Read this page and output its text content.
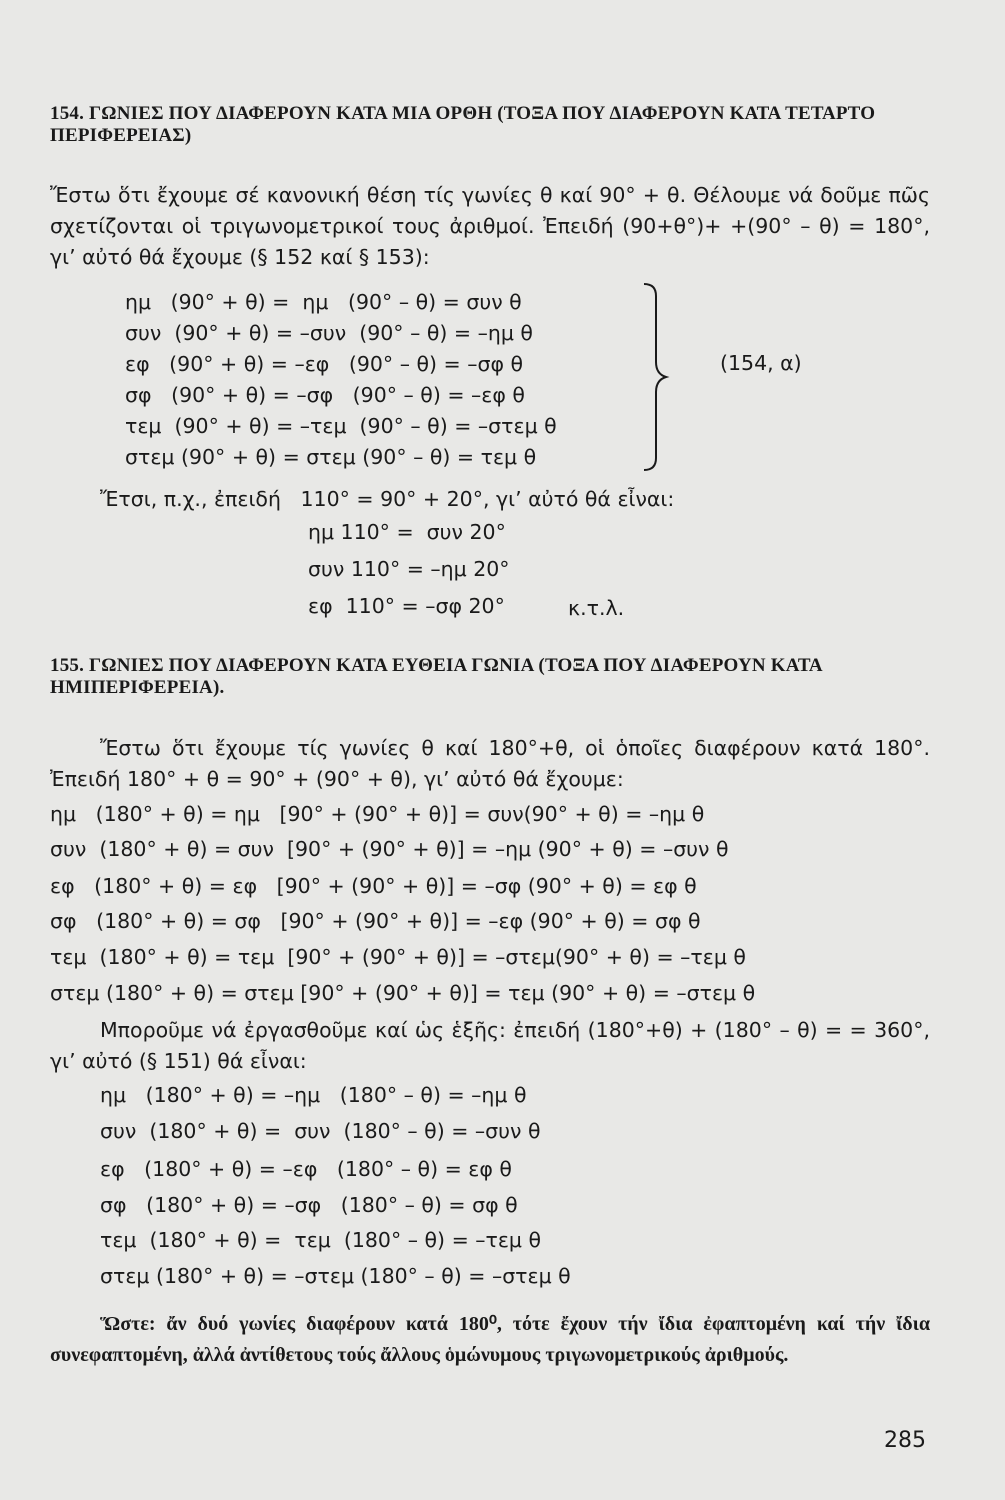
154. ΓΩΝΙΕΣ ΠΟΥ ΔΙΑΦΕΡΟΥΝ ΚΑΤΑ ΜΙΑ ΟΡΘΗ (ΤΟΞΑ ΠΟΥ ΔΙΑΦΕΡΟΥΝ ΚΑΤΑ ΤΕΤΑΡΤΟ ΠΕΡΙΦΕΡΕΙΑΣ)
Ἔστω ὅτι ἔχουμε σέ κανονική θέση τίς γωνίες θ καί 90° + θ. Θέλουμε νά δοῦμε πῶς σχετίζονται οἱ τριγωνομετρικοί τους ἀριθμοί. Ἐπειδή (90+θ°)+ +(90° – θ) = 180°, γι’ αὐτό θά ἔχουμε (§ 152 καί § 153):
ημ   (90° + θ) =  ημ   (90° – θ) = συν θ
συν  (90° + θ) = –συν  (90° – θ) = –ημ θ
εφ   (90° + θ) = –εφ   (90° – θ) = –σφ θ
σφ   (90° + θ) = –σφ   (90° – θ) = –εφ θ
τεμ  (90° + θ) = –τεμ  (90° – θ) = –στεμ θ
στεμ (90° + θ) = στεμ (90° – θ) = τεμ θ
(154, α)
Ἔτσι, π.χ., ἐπειδή   110° = 90° + 20°, γι’ αὐτό θά εἶναι:
ημ 110° =  συν 20°
συν 110° = –ημ 20°
εφ  110° = –σφ 20°	κ.τ.λ.
155. ΓΩΝΙΕΣ ΠΟΥ ΔΙΑΦΕΡΟΥΝ ΚΑΤΑ ΕΥΘΕΙΑ ΓΩΝΙΑ (ΤΟΞΑ ΠΟΥ ΔΙΑΦΕΡΟΥΝ ΚΑΤΑ ΗΜΙΠΕΡΙΦΕΡΕΙΑ).
Ἔστω ὅτι ἔχουμε τίς γωνίες θ καί 180°+θ, οἱ ὁποῖες διαφέρουν κατά 180°. Ἐπειδή 180° + θ = 90° + (90° + θ), γι’ αὐτό θά ἔχουμε:
ημ   (180° + θ) = ημ   [90° + (90° + θ)] = συν(90° + θ) = –ημ θ
συν  (180° + θ) = συν  [90° + (90° + θ)] = –ημ (90° + θ) = –συν θ
εφ   (180° + θ) = εφ   [90° + (90° + θ)] = –σφ (90° + θ) = εφ θ
σφ   (180° + θ) = σφ   [90° + (90° + θ)] = –εφ (90° + θ) = σφ θ
τεμ  (180° + θ) = τεμ  [90° + (90° + θ)] = –στεμ(90° + θ) = –τεμ θ
στεμ (180° + θ) = στεμ [90° + (90° + θ)] = τεμ (90° + θ) = –στεμ θ
Μποροῦμε νά ἐργασθοῦμε καί ὡς ἑξῆς: ἐπειδή (180°+θ) + (180° – θ) = = 360°, γι’ αὐτό (§ 151) θά εἶναι:
ημ   (180° + θ) = –ημ   (180° – θ) = –ημ θ
συν  (180° + θ) =  συν  (180° – θ) = –συν θ
εφ   (180° + θ) = –εφ   (180° – θ) = εφ θ
σφ   (180° + θ) = –σφ   (180° – θ) = σφ θ
τεμ  (180° + θ) =  τεμ  (180° – θ) = –τεμ θ
στεμ (180° + θ) = –στεμ (180° – θ) = –στεμ θ
Ὥστε: ἄν δυό γωνίες διαφέρουν κατά 180⁰, τότε ἔχουν τήν ἴδια ἐφαπτομένη καί τήν ἴδια συνεφαπτομένη, ἀλλά ἀντίθετους τούς ἄλλους ὁμώνυμους τριγωνομετρικούς ἀριθμούς.
285
